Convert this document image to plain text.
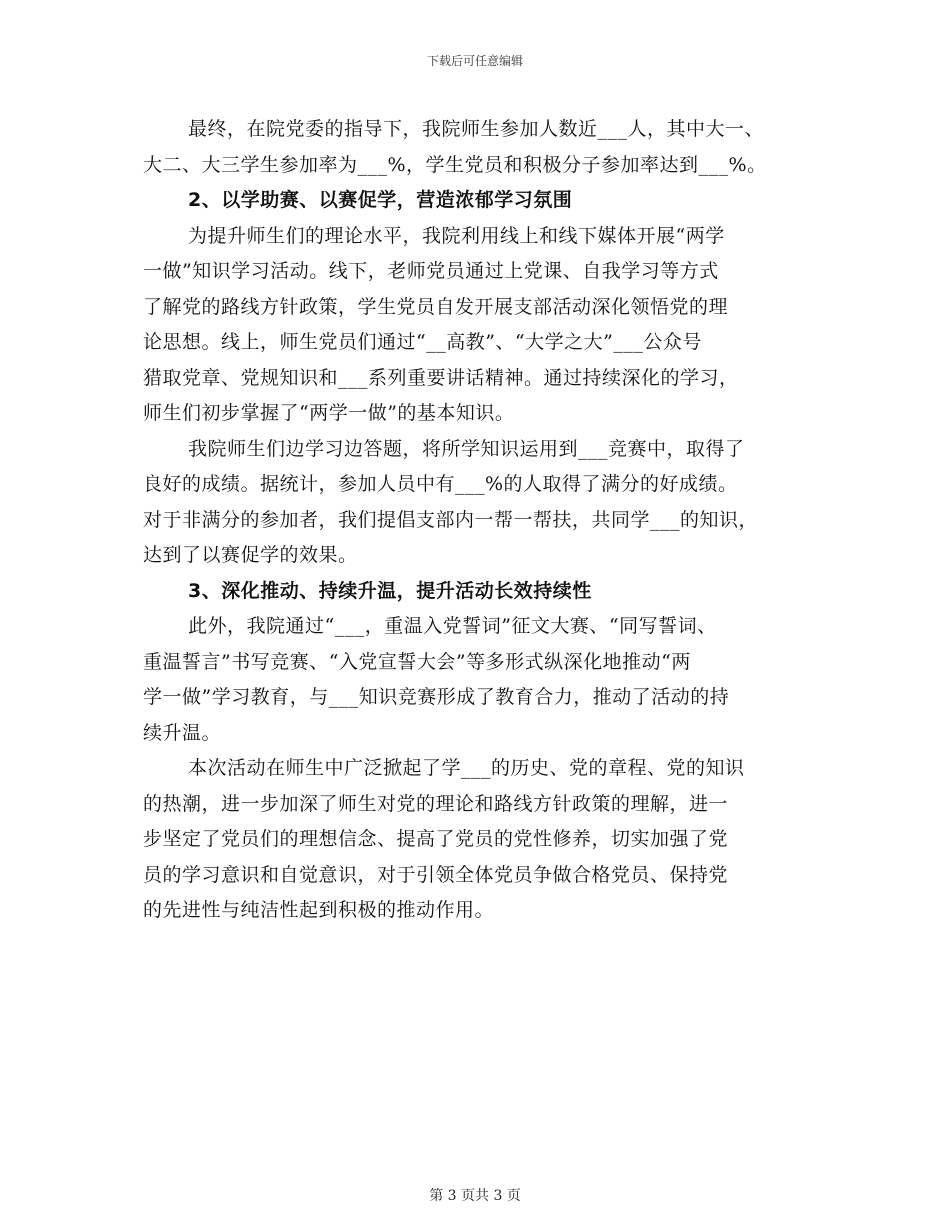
下载后可任意编辑
最终，在院党委的指导下，我院师生参加人数近___人，其中大一、
大二、大三学生参加率为___%，学生党员和积极分子参加率达到___%。
2、以学助赛、以赛促学，营造浓郁学习氛围
为提升师生们的理论水平，我院利用线上和线下媒体开展“两学
一做”知识学习活动。线下，老师党员通过上党课、自我学习等方式
了解党的路线方针政策，学生党员自发开展支部活动深化领悟党的理
论思想。线上，师生党员们通过“__高教”、“大学之大”___公众号
猎取党章、党规知识和___系列重要讲话精神。通过持续深化的学习，
师生们初步掌握了“两学一做”的基本知识。
我院师生们边学习边答题，将所学知识运用到___竞赛中，取得了
良好的成绩。据统计，参加人员中有___%的人取得了满分的好成绩。
对于非满分的参加者，我们提倡支部内一帮一帮扶，共同学___的知识，
达到了以赛促学的效果。
3、深化推动、持续升温，提升活动长效持续性
此外，我院通过“___，重温入党誓词”征文大赛、“同写誓词、
重温誓言”书写竞赛、“入党宣誓大会”等多形式纵深化地推动“两
学一做”学习教育，与___知识竞赛形成了教育合力，推动了活动的持
续升温。
本次活动在师生中广泛掀起了学___的历史、党的章程、党的知识
的热潮，进一步加深了师生对党的理论和路线方针政策的理解，进一
步坚定了党员们的理想信念、提高了党员的党性修养，切实加强了党
员的学习意识和自觉意识，对于引领全体党员争做合格党员、保持党
的先进性与纯洁性起到积极的推动作用。
第 3 页共 3 页
